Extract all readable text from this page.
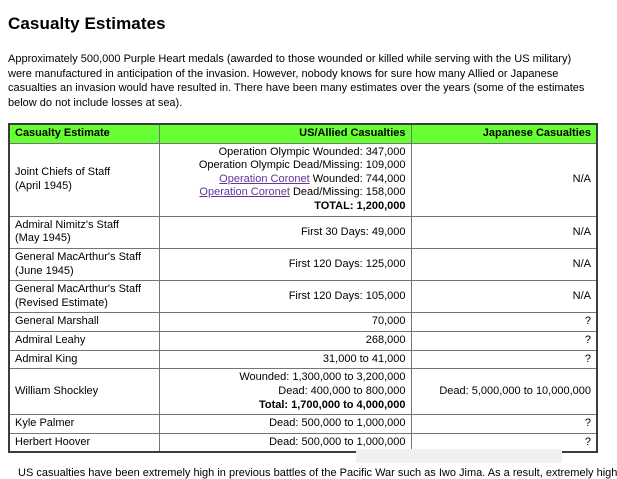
Casualty Estimates

Approximately 500,000 Purple Heart medals (awarded to those wounded or killed while serving with the US military) were manufactured in anticipation of the invasion. However, nobody knows for sure how many Allied or Japanese casualties an invasion would have resulted in. There have been many estimates over the years (some of the estimates below do not include losses at sea).

Casualty Estimate	US/Allied Casualties	Japanese Casualties
Joint Chiefs of Staff
(April 1945)	Operation Olympic Wounded: 347,000
Operation Olympic Dead/Missing: 109,000
Operation Coronet Wounded: 744,000
Operation Coronet Dead/Missing: 158,000
TOTAL: 1,200,000	N/A
Admiral Nimitz's Staff
(May 1945)	First 30 Days: 49,000	N/A
General MacArthur's Staff
(June 1945)	First 120 Days: 125,000	N/A
General MacArthur's Staff
(Revised Estimate)	First 120 Days: 105,000	N/A
General Marshall	70,000	?
Admiral Leahy	268,000	?
Admiral King	31,000 to 41,000	?
William Shockley	Wounded: 1,300,000 to 3,200,000
Dead: 400,000 to 800,000
Total: 1,700,000 to 4,000,000	Dead: 5,000,000 to 10,000,000
Kyle Palmer	Dead: 500,000 to 1,000,000	?
Herbert Hoover	Dead: 500,000 to 1,000,000	?

US casualties have been extremely high in previous battles of the Pacific War such as Iwo Jima. As a result, extremely high
